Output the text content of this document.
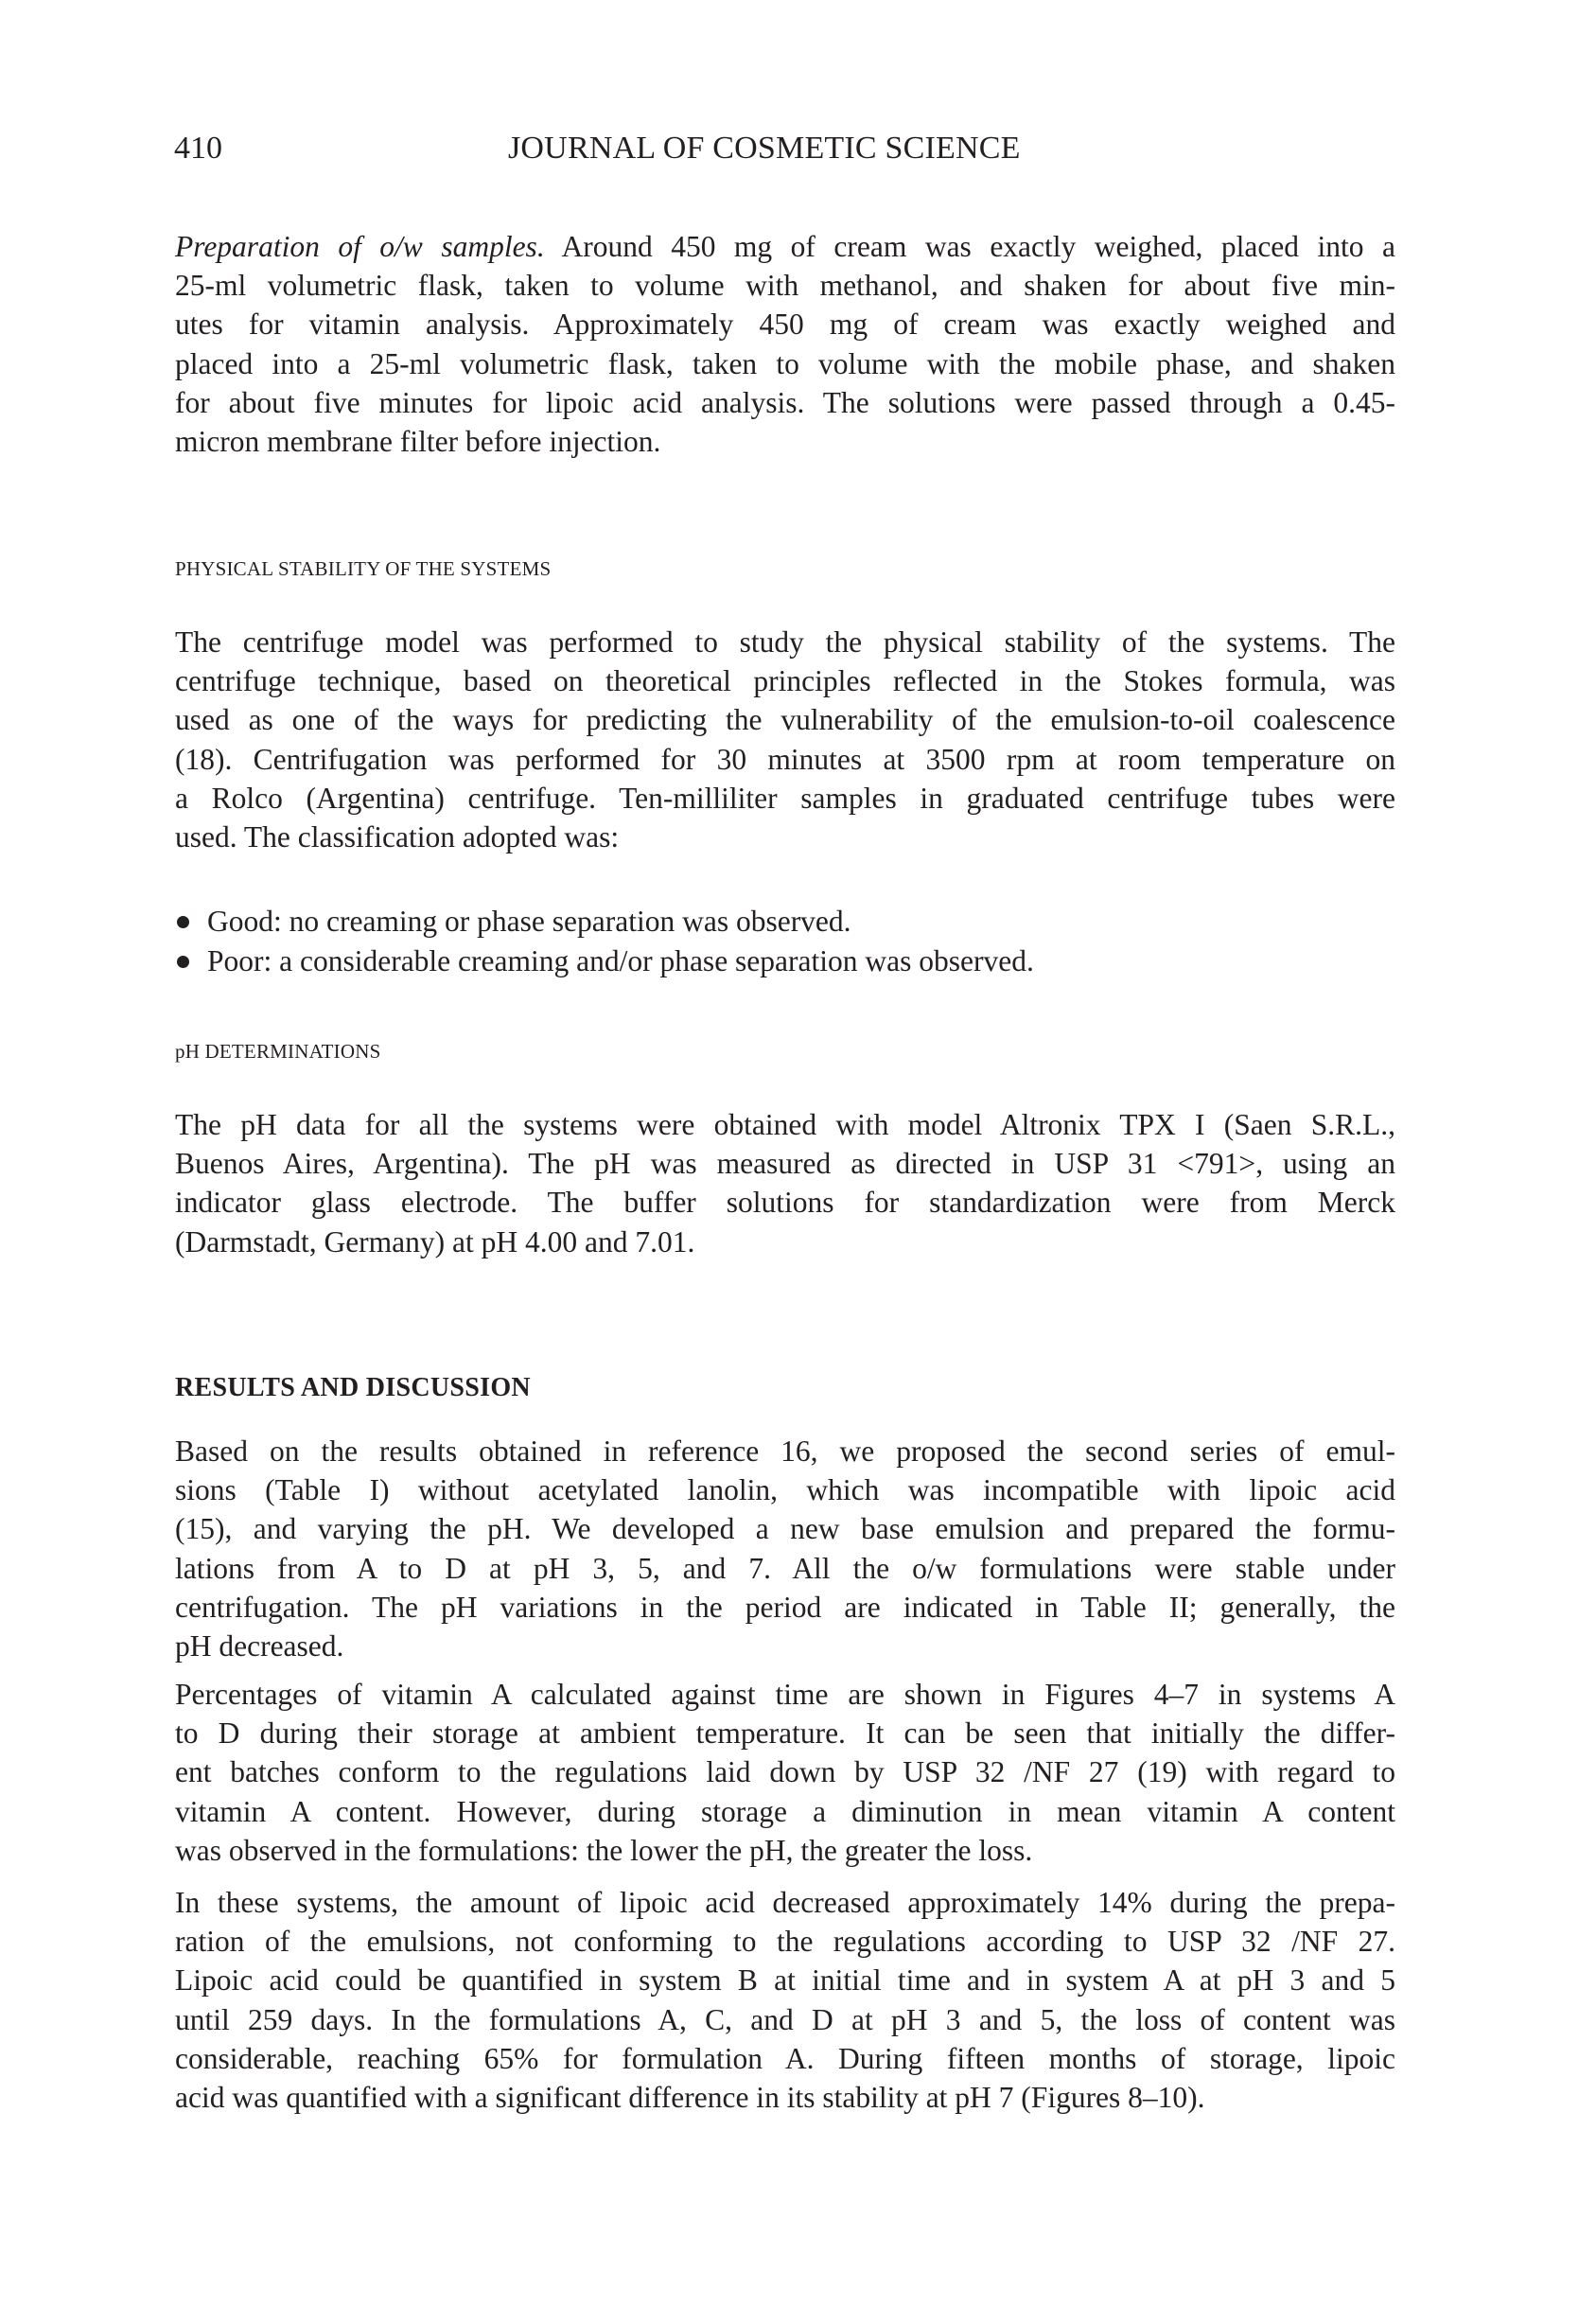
410	JOURNAL OF COSMETIC SCIENCE
Preparation of o/w samples. Around 450 mg of cream was exactly weighed, placed into a
25-ml volumetric flask, taken to volume with methanol, and shaken for about five min-
utes for vitamin analysis. Approximately 450 mg of cream was exactly weighed and
placed into a 25-ml volumetric flask, taken to volume with the mobile phase, and shaken
for about five minutes for lipoic acid analysis. The solutions were passed through a 0.45-
micron membrane filter before injection.
PHYSICAL STABILITY OF THE SYSTEMS
The centrifuge model was performed to study the physical stability of the systems. The
centrifuge technique, based on theoretical principles reflected in the Stokes formula, was
used as one of the ways for predicting the vulnerability of the emulsion-to-oil coalescence
(18). Centrifugation was performed for 30 minutes at 3500 rpm at room temperature on
a Rolco (Argentina) centrifuge. Ten-milliliter samples in graduated centrifuge tubes were
used. The classification adopted was:
Good: no creaming or phase separation was observed.
Poor: a considerable creaming and/or phase separation was observed.
pH DETERMINATIONS
The pH data for all the systems were obtained with model Altronix TPX I (Saen S.R.L.,
Buenos Aires, Argentina). The pH was measured as directed in USP 31 <791>, using an
indicator glass electrode. The buffer solutions for standardization were from Merck
(Darmstadt, Germany) at pH 4.00 and 7.01.
RESULTS AND DISCUSSION
Based on the results obtained in reference 16, we proposed the second series of emul-
sions (Table I) without acetylated lanolin, which was incompatible with lipoic acid
(15), and varying the pH. We developed a new base emulsion and prepared the formu-
lations from A to D at pH 3, 5, and 7. All the o/w formulations were stable under
centrifugation. The pH variations in the period are indicated in Table II; generally, the
pH decreased.
Percentages of vitamin A calculated against time are shown in Figures 4–7 in systems A
to D during their storage at ambient temperature. It can be seen that initially the differ-
ent batches conform to the regulations laid down by USP 32 /NF 27 (19) with regard to
vitamin A content. However, during storage a diminution in mean vitamin A content
was observed in the formulations: the lower the pH, the greater the loss.
In these systems, the amount of lipoic acid decreased approximately 14% during the prepa-
ration of the emulsions, not conforming to the regulations according to USP 32 /NF 27.
Lipoic acid could be quantified in system B at initial time and in system A at pH 3 and 5
until 259 days. In the formulations A, C, and D at pH 3 and 5, the loss of content was
considerable, reaching 65% for formulation A. During fifteen months of storage, lipoic
acid was quantified with a significant difference in its stability at pH 7 (Figures 8–10).
